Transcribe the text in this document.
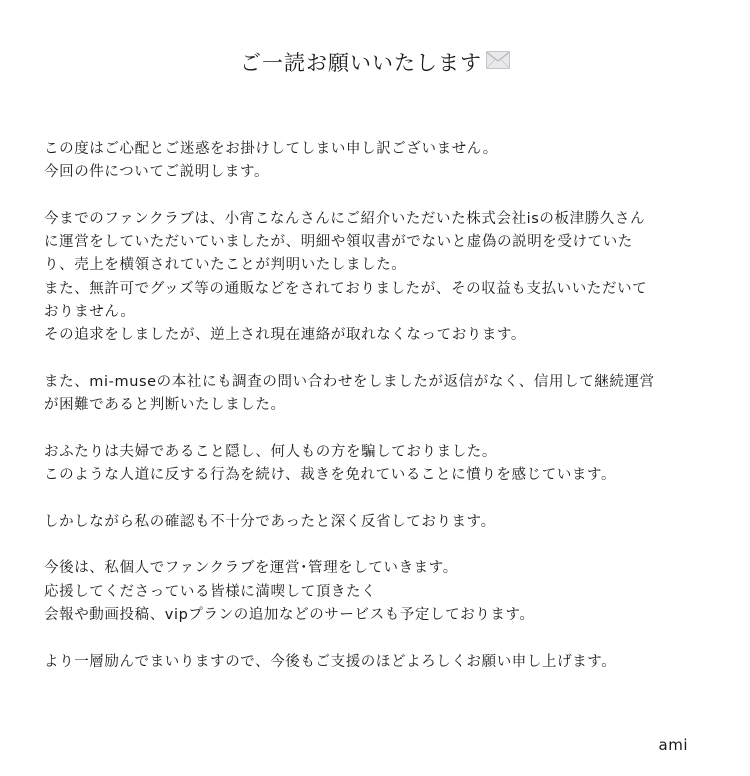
ご一読お願いいたします
この度はご心配とご迷惑をお掛けしてしまい申し訳ございません。
今回の件についてご説明します。
今までのファンクラブは、小宵こなんさんにご紹介いただいた株式会社isの板津勝久さん
に運営をしていただいていましたが、明細や領収書がでないと虚偽の説明を受けていた
り、売上を横領されていたことが判明いたしました。
また、無許可でグッズ等の通販などをされておりましたが、その収益も支払いいただいて
おりません。
その追求をしましたが、逆上され現在連絡が取れなくなっております。
また、mi-museの本社にも調査の問い合わせをしましたが返信がなく、信用して継続運営
が困難であると判断いたしました。
おふたりは夫婦であること隠し、何人もの方を騙しておりました。
このような人道に反する行為を続け、裁きを免れていることに憤りを感じています。
しかしながら私の確認も不十分であったと深く反省しております。
今後は、私個人でファンクラブを運営･管理をしていきます。
応援してくださっている皆様に満喫して頂きたく
会報や動画投稿、vipプランの追加などのサービスも予定しております。
より一層励んでまいりますので、今後もご支援のほどよろしくお願い申し上げます。
ami
